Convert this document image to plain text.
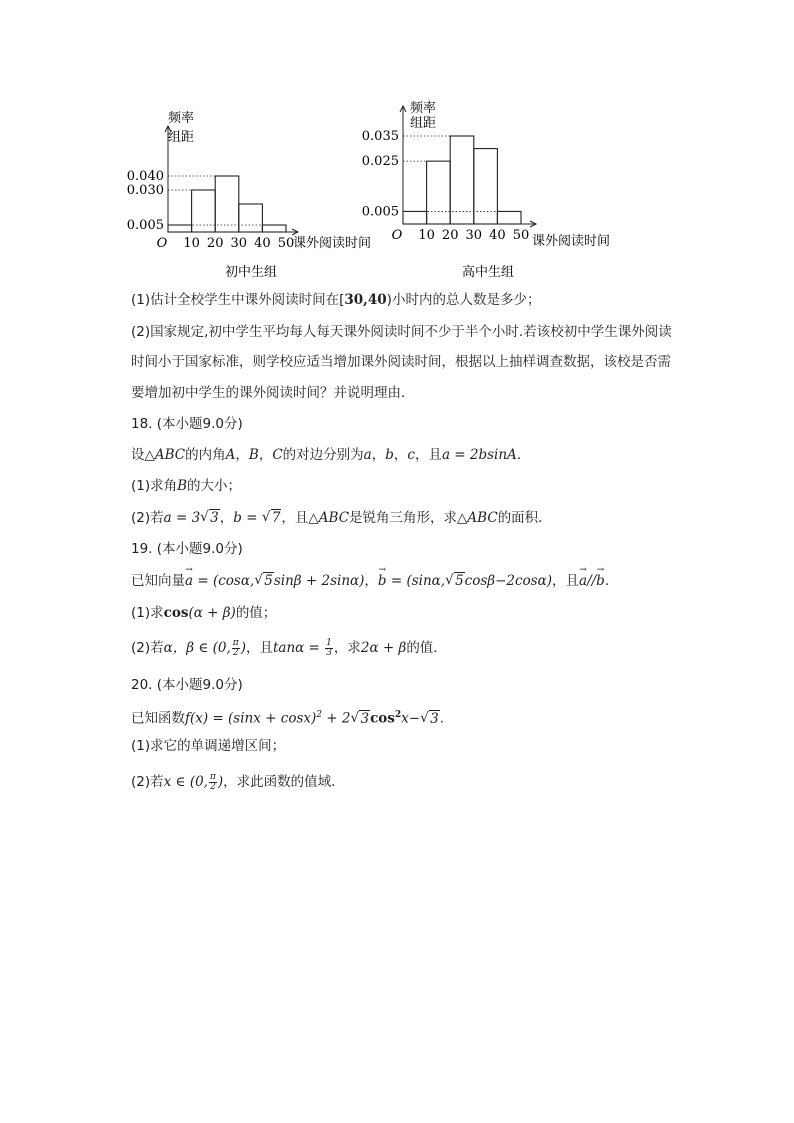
频率
组距
0.040
0.030
0.005
O 10 20 30 40 50
课外阅读时间
初中生组
频率
组距
0.035
0.025
0.005
O 10 20 30 40 50 课外阅读时间
高中生组
(1)估计全校学生中课外阅读时间在[30,40)小时内的总人数是多少；
(2)国家规定,初中学生平均每人每天课外阅读时间不少于半个小时.若该校初中学生课外阅读
时间小于国家标准，则学校应适当增加课外阅读时间，根据以上抽样调查数据，该校是否需
要增加初中学生的课外阅读时间？并说明理由．
18. (本小题9.0分)
设△ABC的内角A，B，C的对边分别为a，b，c，且a = 2bsinA．
(1)求角B的大小；
(2)若a = 3√ 3，b = √ 7，且△ABC是锐角三角形，求△ABC的面积．
19. (本小题9.0分)
已知向量→ a = (cosα,√ 5sinβ + 2sinα)，→ b = (sinα,√ 5cosβ−2cosα)，且→ a//→ b.
(1)求cos(α + β)的值；
(2)若α，β ∈ (0, $\frac{\pi}{2}$ )，且$\tan\alpha = \frac{1}{3}$ ，求2α + β的值．
20. (本小题9.0分)
已知函数$f(x) = (\sin x + \cos x)^2 + 2√$ $3\cos^2x-√$ 3.
(1)求它的单调递增区间；
(2)若x ∈ (0, $\frac{\pi}{2}$ )，求此函数的值域．
